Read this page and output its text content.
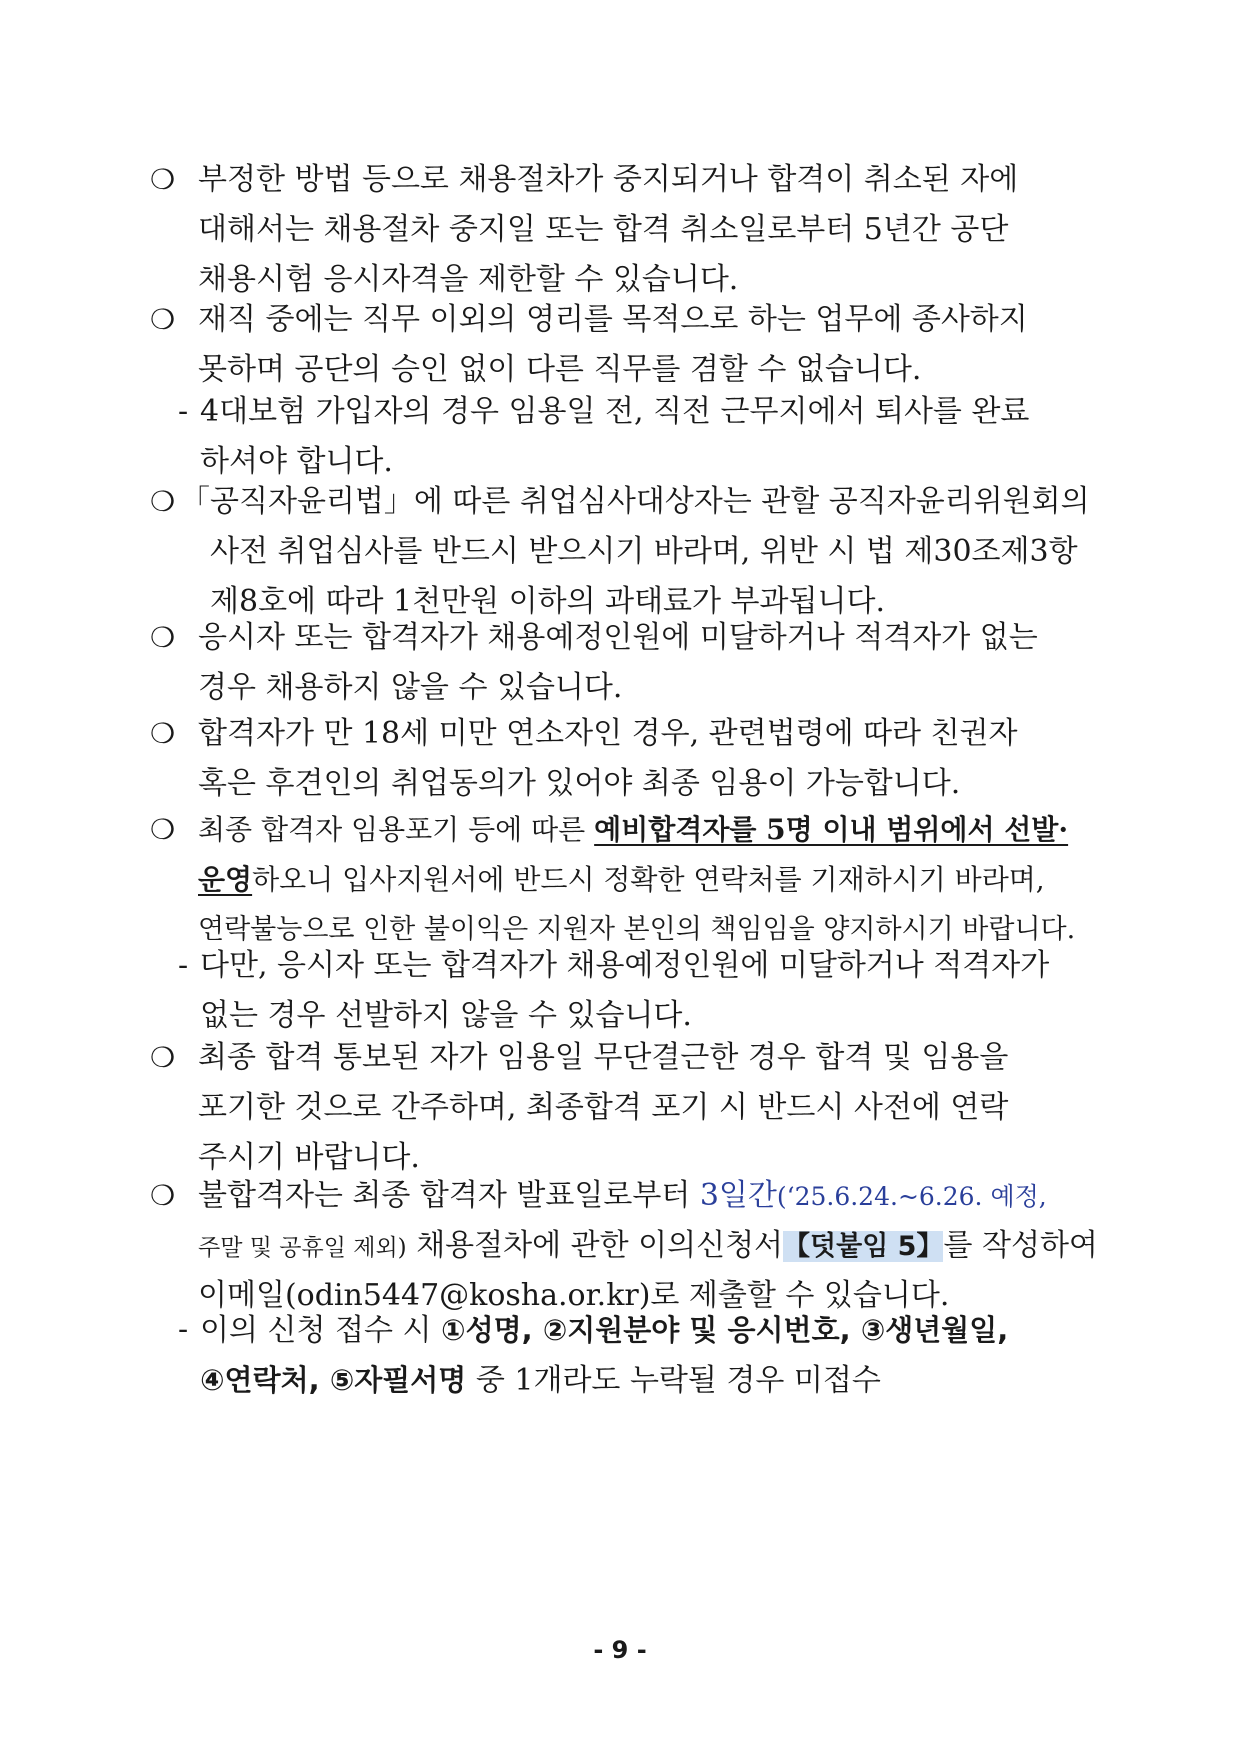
❍ 부정한 방법 등으로 채용절차가 중지되거나 합격이 취소된 자에
대해서는 채용절차 중지일 또는 합격 취소일로부터 5년간 공단
채용시험 응시자격을 제한할 수 있습니다.
❍ 재직 중에는 직무 이외의 영리를 목적으로 하는 업무에 종사하지
못하며 공단의 승인 없이 다른 직무를 겸할 수 없습니다.
- 4대보험 가입자의 경우 임용일 전, 직전 근무지에서 퇴사를 완료
하셔야 합니다.
❍ 「공직자윤리법」에 따른 취업심사대상자는 관할 공직자윤리위원회의
사전 취업심사를 반드시 받으시기 바라며, 위반 시 법 제30조제3항
제8호에 따라 1천만원 이하의 과태료가 부과됩니다.
❍ 응시자 또는 합격자가 채용예정인원에 미달하거나 적격자가 없는
경우 채용하지 않을 수 있습니다.
❍ 합격자가 만 18세 미만 연소자인 경우, 관련법령에 따라 친권자
혹은 후견인의 취업동의가 있어야 최종 임용이 가능합니다.
❍ 최종 합격자 임용포기 등에 따른 예비합격자를 5명 이내 범위에서 선발·
운영하오니 입사지원서에 반드시 정확한 연락처를 기재하시기 바라며,
연락불능으로 인한 불이익은 지원자 본인의 책임임을 양지하시기 바랍니다.
- 다만, 응시자 또는 합격자가 채용예정인원에 미달하거나 적격자가
없는 경우 선발하지 않을 수 있습니다.
❍ 최종 합격 통보된 자가 임용일 무단결근한 경우 합격 및 임용을
포기한 것으로 간주하며, 최종합격 포기 시 반드시 사전에 연락
주시기 바랍니다.
❍ 불합격자는 최종 합격자 발표일로부터 3일간(‘25.6.24.~6.26. 예정,
주말 및 공휴일 제외) 채용절차에 관한 이의신청서【덧붙임 5】를 작성하여
이메일(odin5447@kosha.or.kr)로 제출할 수 있습니다.
- 이의 신청 접수 시 ①성명, ②지원분야 및 응시번호, ③생년월일,
④연락처, ⑤자필서명 중 1개라도 누락될 경우 미접수
- 9 -
